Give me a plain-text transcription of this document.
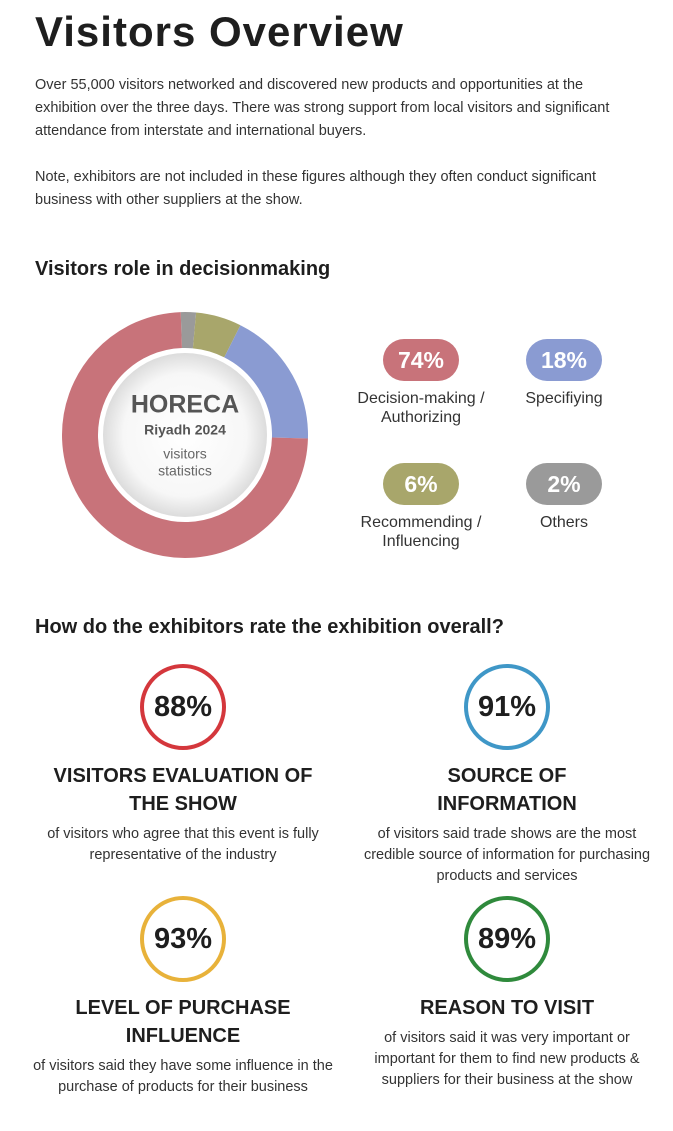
Visitors Overview

Over 55,000 visitors networked and discovered new products and opportunities at the exhibition over the three days. There was strong support from local visitors and significant attendance from interstate and international buyers.

Note, exhibitors are not included in these figures although they often conduct significant business with other suppliers at the show.

Visitors role in decisionmaking
HORECA
Riyadh 2024
visitors statistics
74%
Decision-making / Authorizing
18%
Specifiying
6%
Recommending / Influencing
2%
Others
How do the exhibitors rate the exhibition overall?
88%
VISITORS EVALUATION OF THE SHOW
of visitors who agree that this event is fully representative of the industry
91%
SOURCE OF INFORMATION
of visitors said trade shows are the most credible source of information for purchasing products and services
93%
LEVEL OF PURCHASE INFLUENCE
of visitors said they have some influence in the purchase of products for their business
89%
REASON TO VISIT
of visitors said it was very important or important for them to find new products & suppliers for their business at the show
